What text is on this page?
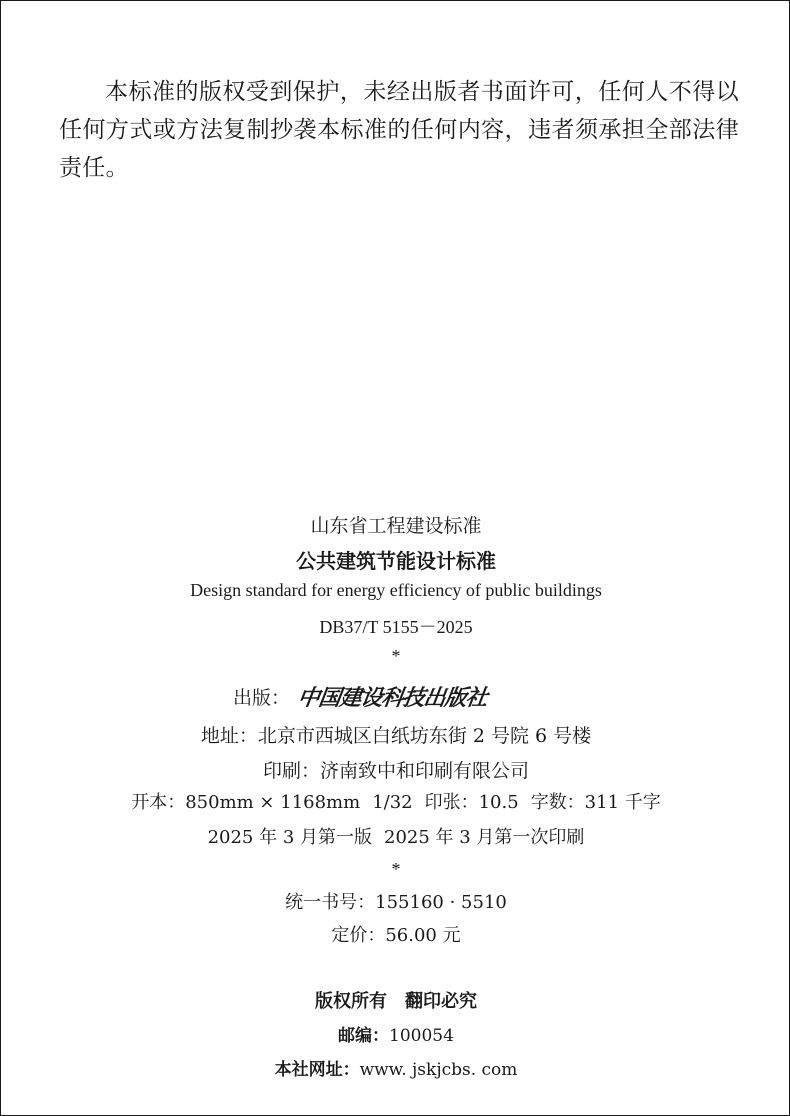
本标准的版权受到保护，未经出版者书面许可，任何人不得以任何方式或方法复制抄袭本标准的任何内容，违者须承担全部法律责任。

山东省工程建设标准
公共建筑节能设计标准
Design standard for energy efficiency of public buildings
DB37/T 5155－2025
*
出版： 中国建设科技出版社
地址：北京市西城区白纸坊东街 2 号院 6 号楼
印刷：济南致中和印刷有限公司
开本：850mm × 1168mm 1/32 印张：10.5 字数：311 千字
2025 年 3 月第一版 2025 年 3 月第一次印刷
*
统一书号：155160 · 5510
定价：56.00 元
版权所有 翻印必究
邮编：100054
本社网址：www. jskjcbs. com
